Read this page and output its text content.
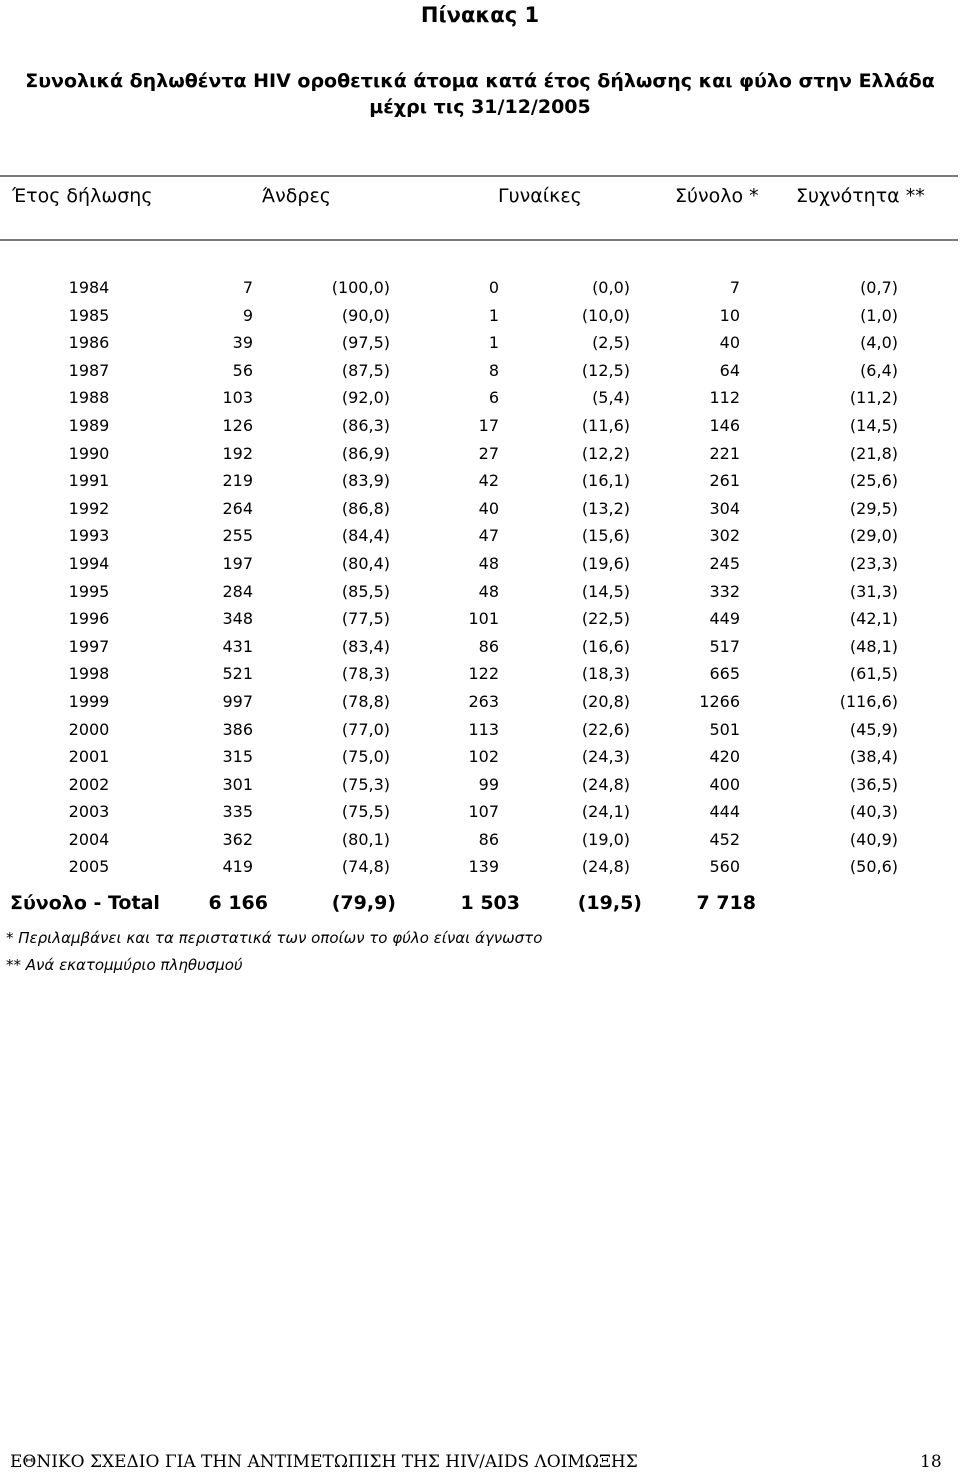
Πίνακας 1
Συνολικά δηλωθέντα HIV οροθετικά άτομα κατά έτος δήλωσης και φύλο στην Ελλάδα
μέχρι τις 31/12/2005
Έτος δήλωσης	Άνδρες	Γυναίκες	Σύνολο * Συχνότητα **
1984	7	(100,0)	0	(0,0)	7	(0,7)
1985	9	(90,0)	1	(10,0)	10	(1,0)
1986	39	(97,5)	1	(2,5)	40	(4,0)
1987	56	(87,5)	8	(12,5)	64	(6,4)
1988	103	(92,0)	6	(5,4)	112	(11,2)
1989	126	(86,3)	17	(11,6)	146	(14,5)
1990	192	(86,9)	27	(12,2)	221	(21,8)
1991	219	(83,9)	42	(16,1)	261	(25,6)
1992	264	(86,8)	40	(13,2)	304	(29,5)
1993	255	(84,4)	47	(15,6)	302	(29,0)
1994	197	(80,4)	48	(19,6)	245	(23,3)
1995	284	(85,5)	48	(14,5)	332	(31,3)
1996	348	(77,5)	101	(22,5)	449	(42,1)
1997	431	(83,4)	86	(16,6)	517	(48,1)
1998	521	(78,3)	122	(18,3)	665	(61,5)
1999	997	(78,8)	263	(20,8)	1266	(116,6)
2000	386	(77,0)	113	(22,6)	501	(45,9)
2001	315	(75,0)	102	(24,3)	420	(38,4)
2002	301	(75,3)	99	(24,8)	400	(36,5)
2003	335	(75,5)	107	(24,1)	444	(40,3)
2004	362	(80,1)	86	(19,0)	452	(40,9)
2005	419	(74,8)	139	(24,8)	560	(50,6)
Σύνολο - Total	6 166	(79,9)	1 503	(19,5)	7 718
* Περιλαμβάνει και τα περιστατικά των οποίων το φύλο είναι άγνωστο
** Ανά εκατομμύριο πληθυσμού
ΕΘΝΙΚΟ ΣΧΕΔΙΟ ΓΙΑ ΤΗΝ ΑΝΤΙΜΕΤΩΠΙΣΗ ΤΗΣ HIV/AIDS ΛΟΙΜΩΞΗΣ	18
